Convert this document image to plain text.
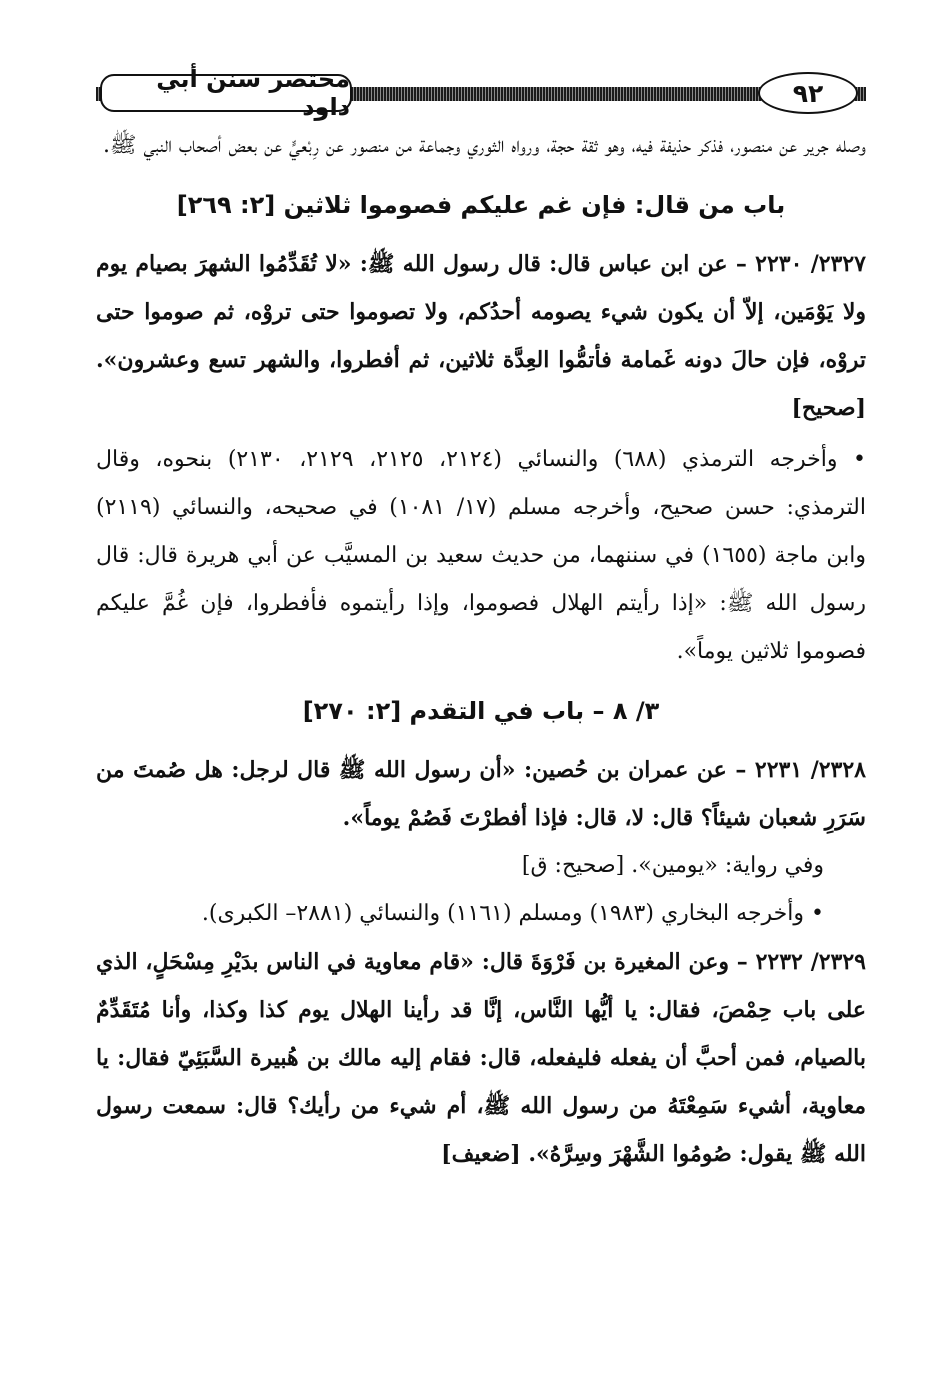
مختصر سنن أبي داود	٩٢

وصله جرير عن منصور، فذكر حذيفة فيه، وهو ثقة حجة، ورواه الثوري وجماعة من منصور عن رِبْعيٍّ عن بعض أصحاب النبي ﷺ.

باب من قال: فإن غم عليكم فصوموا ثلاثين [٢: ٢٦٩]

٢٣٢٧/ ٢٢٣٠ – عن ابن عباس قال: قال رسول الله ﷺ: «لا تُقَدِّمُوا الشهرَ بصيام يوم ولا يَوْمَين، إلاّ أن يكون شيء يصومه أحدُكم، ولا تصوموا حتى تروْه، ثم صوموا حتى تروْه، فإن حالَ دونه غَمامة فأتمُّوا العِدَّة ثلاثين، ثم أفطروا، والشهر تسع وعشرون». [صحيح]

• وأخرجه الترمذي (٦٨٨) والنسائي (٢١٢٤، ٢١٢٥، ٢١٢٩، ٢١٣٠) بنحوه، وقال الترمذي: حسن صحيح، وأخرجه مسلم (١٧/ ١٠٨١) في صحيحه، والنسائي (٢١١٩) وابن ماجة (١٦٥٥) في سننهما، من حديث سعيد بن المسيَّب عن أبي هريرة قال: قال رسول الله ﷺ: «إذا رأيتم الهلال فصوموا، وإذا رأيتموه فأفطروا، فإن غُمَّ عليكم فصوموا ثلاثين يوماً».

٣/ ٨ – باب في التقدم [٢: ٢٧٠]

٢٣٢٨/ ٢٢٣١ – عن عمران بن حُصين: «أن رسول الله ﷺ قال لرجل: هل صُمتَ من سَرَرِ شعبان شيئاً؟ قال: لا، قال: فإذا أفطرْتَ فَصُمْ يوماً».

وفي رواية: «يومين». [صحيح: ق]

• وأخرجه البخاري (١٩٨٣) ومسلم (١١٦١) والنسائي (٢٨٨١– الكبرى).

٢٣٢٩/ ٢٢٣٢ – وعن المغيرة بن فَرْوَةَ قال: «قام معاوية في الناس بدَيْرِ مِسْحَلٍ، الذي على باب حِمْصَ، فقال: يا أيُّها النَّاس، إنَّا قد رأينا الهلال يوم كذا وكذا، وأنا مُتَقَدِّمٌ بالصيام، فمن أحبَّ أن يفعله فليفعله، قال: فقام إليه مالك بن هُبيرة السَّبَئِيّ فقال: يا معاوية، أشيء سَمِعْتَهُ من رسول الله ﷺ، أم شيء من رأيك؟ قال: سمعت رسول الله ﷺ يقول: صُومُوا الشَّهْرَ وسِرَّهُ». [ضعيف]
